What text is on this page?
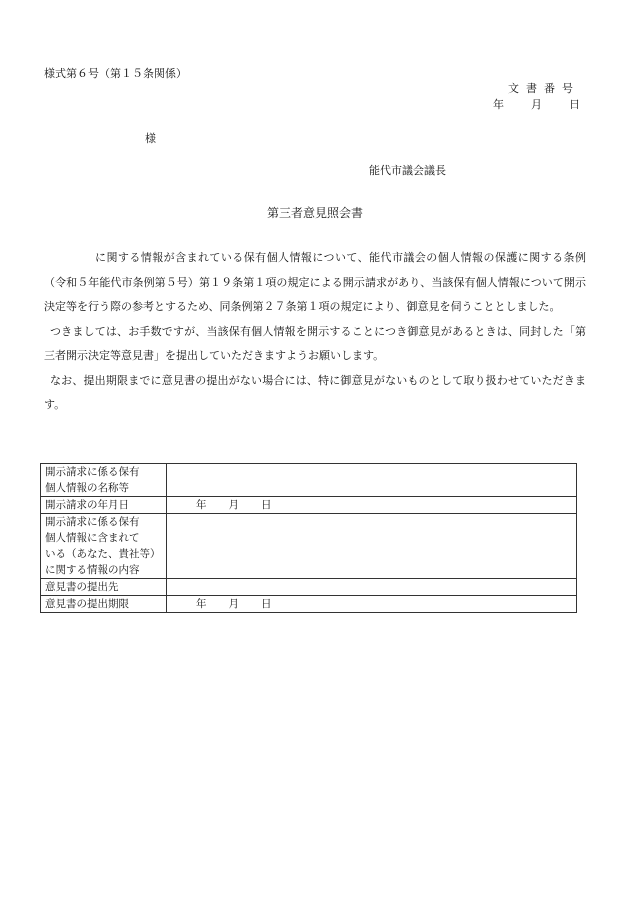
様式第６号（第１５条関係）
文書番号
年 月 日
様
能代市議会議長
第三者意見照会書

に関する情報が含まれている保有個人情報について、能代市議会の個人情報の保護に関する条例（令和５年能代市条例第５号）第１９条第１項の規定による開示請求があり、当該保有個人情報について開示決定等を行う際の参考とするため、同条例第２７条第１項の規定により、御意見を伺うこととしました。

つきましては、お手数ですが、当該保有個人情報を開示することにつき御意見があるときは、同封した「第三者開示決定等意見書」を提出していただきますようお願いします。

なお、提出期限までに意見書の提出がない場合には、特に御意見がないものとして取り扱わせていただきます。

開示請求に係る保有
個人情報の名称等	

開示請求の年月日	年 月 日

開示請求に係る保有
個人情報に含まれて
いる（あなた、貴社等）
に関する情報の内容	

意見書の提出先	

意見書の提出期限	年 月 日
